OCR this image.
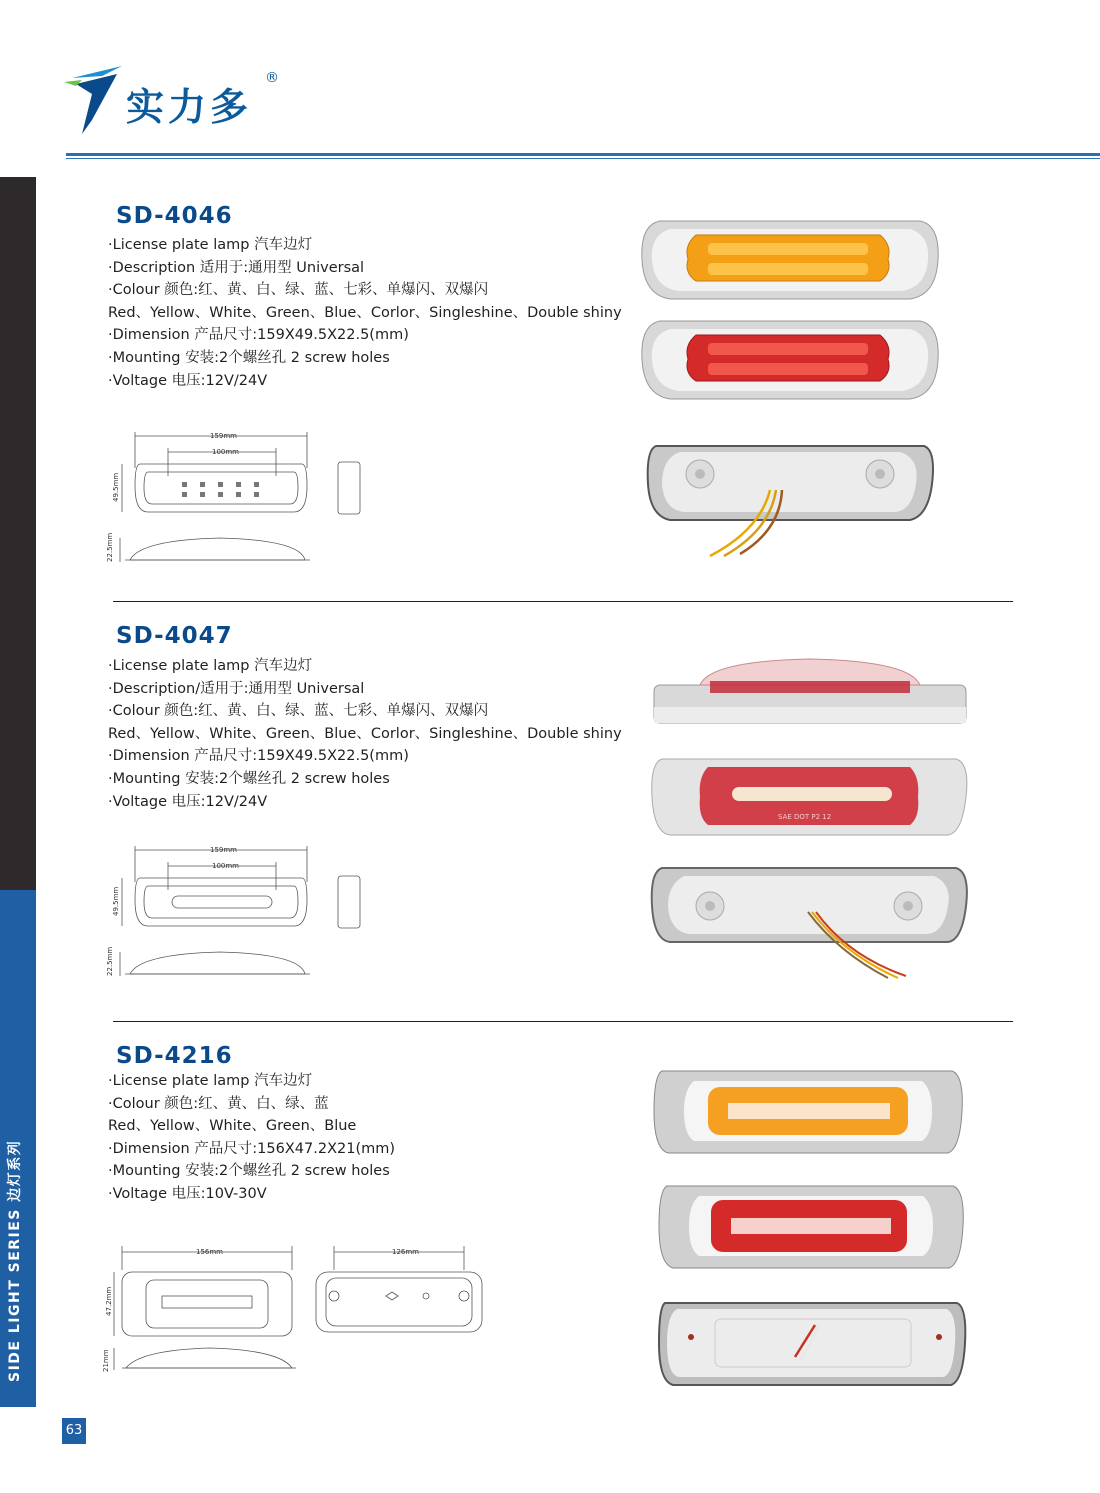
实力多
®
SIDE LIGHT SERIES 边灯系列
63
SD-4046
·License plate lamp 汽车边灯
·Description 适用于:通用型 Universal
·Colour 颜色:红、黄、白、绿、蓝、七彩、单爆闪、双爆闪
Red、Yellow、White、Green、Blue、Corlor、Singleshine、Double shiny
·Dimension 产品尺寸:159X49.5X22.5(mm)
·Mounting 安装:2个螺丝孔 2 screw holes
·Voltage 电压:12V/24V
159mm
100mm
49.5mm
22.5mm
SD-4047
·License plate lamp 汽车边灯
·Description/适用于:通用型 Universal
·Colour 颜色:红、黄、白、绿、蓝、七彩、单爆闪、双爆闪
Red、Yellow、White、Green、Blue、Corlor、Singleshine、Double shiny
·Dimension 产品尺寸:159X49.5X22.5(mm)
·Mounting 安装:2个螺丝孔 2 screw holes
·Voltage 电压:12V/24V
159mm
100mm
49.5mm
22.5mm
SAE DOT P2 12
SD-4216
·License plate lamp 汽车边灯
·Colour 颜色:红、黄、白、绿、蓝
Red、Yellow、White、Green、Blue
·Dimension 产品尺寸:156X47.2X21(mm)
·Mounting 安装:2个螺丝孔 2 screw holes
·Voltage 电压:10V-30V
156mm	126mm
47.2mm
21mm
